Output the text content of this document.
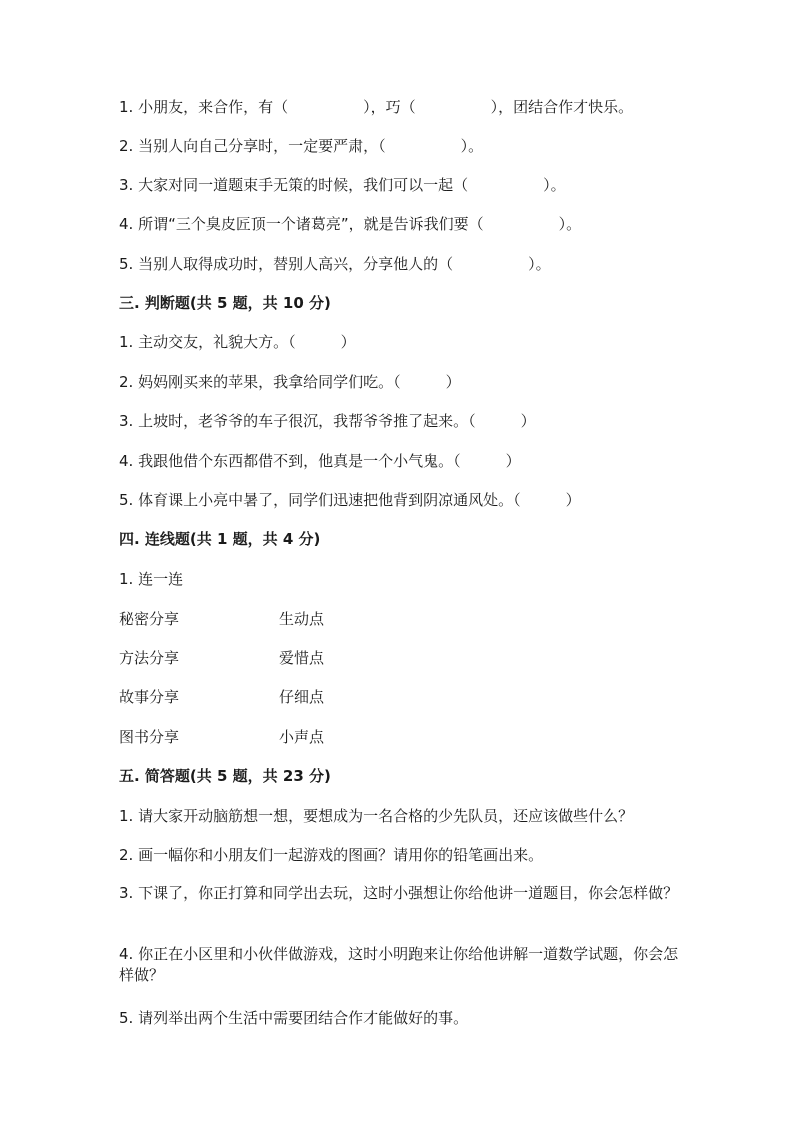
1. 小朋友，来合作，有（　　　　　），巧（　　　　　），团结合作才快乐。
2. 当别人向自己分享时，一定要严肃，（　　　　　）。
3. 大家对同一道题束手无策的时候，我们可以一起（　　　　　）。
4. 所谓“三个臭皮匠顶一个诸葛亮”，就是告诉我们要（　　　　　）。
5. 当别人取得成功时，替别人高兴，分享他人的（　　　　　）。
三. 判断题(共 5 题，共 10 分)
1. 主动交友，礼貌大方。（　　　）
2. 妈妈刚买来的苹果，我拿给同学们吃。（　　　）
3. 上坡时，老爷爷的车子很沉，我帮爷爷推了起来。（　　　）
4. 我跟他借个东西都借不到，他真是一个小气鬼。（　　　）
5. 体育课上小亮中暑了，同学们迅速把他背到阴凉通风处。（　　　）
四. 连线题(共 1 题，共 4 分)
1. 连一连
秘密分享	生动点
方法分享	爱惜点
故事分享	仔细点
图书分享	小声点
五. 简答题(共 5 题，共 23 分)
1. 请大家开动脑筋想一想，要想成为一名合格的少先队员，还应该做些什么？
2. 画一幅你和小朋友们一起游戏的图画？请用你的铅笔画出来。
3. 下课了，你正打算和同学出去玩，这时小强想让你给他讲一道题目，你会怎样做？
4. 你正在小区里和小伙伴做游戏，这时小明跑来让你给他讲解一道数学试题，你会怎样做？
5. 请列举出两个生活中需要团结合作才能做好的事。
